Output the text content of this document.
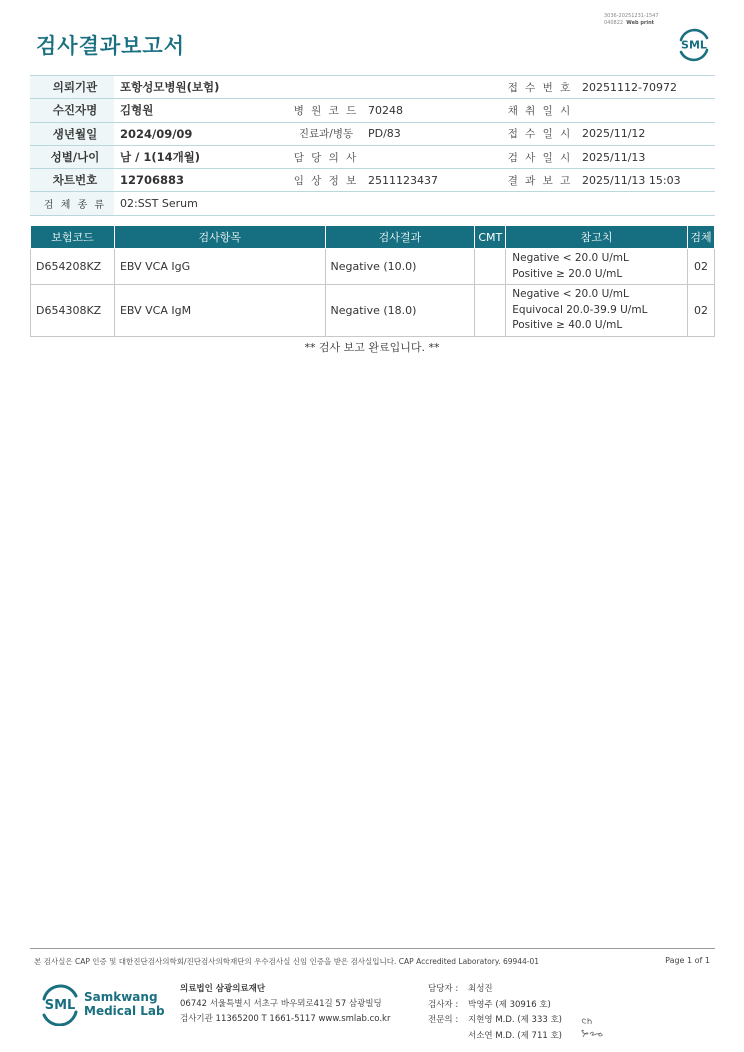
검사결과보고서
3036-20251231-1547
040822 Web print
SML
의뢰기관	포항성모병원(보험)			접 수 번 호	20251112-70972
수진자명	김형원	병 원 코 드	70248	채 취 일 시	
생년월일	2024/09/09	진료과/병동	PD/83	접 수 일 시	2025/11/12
성별/나이	남 / 1(14개월)	담 당 의 사		검 사 일 시	2025/11/13
차트번호	12706883	임 상 정 보	2511123437	결 과 보 고	2025/11/13 15:03
검 체 종 류	02:SST Serum				
보험코드	검사항목	검사결과	CMT	참고치	검체
D654208KZ	EBV VCA IgG	Negative (10.0)		Negative < 20.0 U/mL
Positive ≥ 20.0 U/mL	02
D654308KZ	EBV VCA IgM	Negative (18.0)		Negative < 20.0 U/mL
Equivocal 20.0-39.9 U/mL
Positive ≥ 40.0 U/mL	02
** 검사 보고 완료입니다. **
본 검사실은 CAP 인증 및 대한진단검사의학회/진단검사의학재단의 우수검사실 신임 인증을 받은 검사실입니다. CAP Accredited Laboratory. 69944-01	Page 1 of 1
SML
Samkwang
Medical Lab
의료법인 삼광의료재단
06742 서울특별시 서초구 바우뫼로41길 57 삼광빌딩
검사기관 11365200 T 1661-5117 www.smlab.co.kr
담당자 :	최성진
검사자 :	박영주 (제 30916 호)
전문의 :	지현영 M.D. (제 333 호)
서소연 M.D. (제 711 호)
